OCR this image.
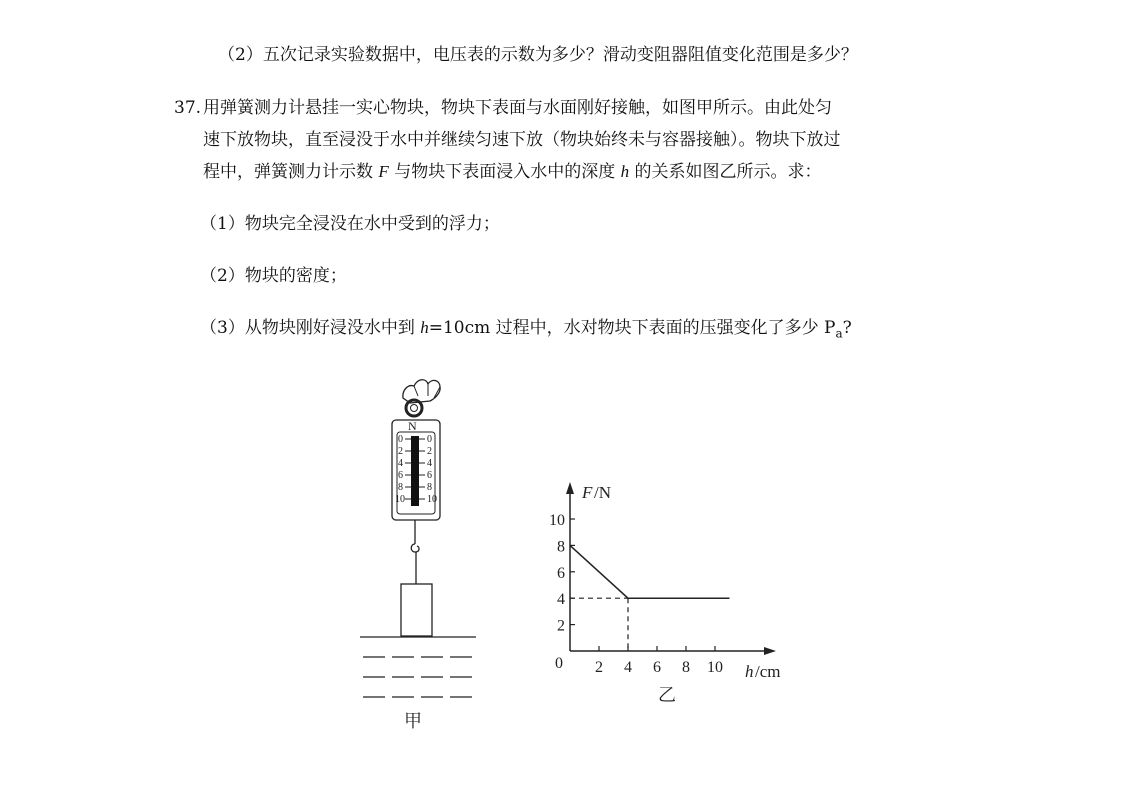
（2）五次记录实验数据中，电压表的示数为多少？滑动变阻器阻值变化范围是多少？
37. 用弹簧测力计悬挂一实心物块，物块下表面与水面刚好接触，如图甲所示。由此处匀
速下放物块，直至浸没于水中并继续匀速下放（物块始终未与容器接触）。物块下放过
程中，弹簧测力计示数 F 与物块下表面浸入水中的深度 h 的关系如图乙所示。求：
（1）物块完全浸没在水中受到的浮力；
（2）物块的密度；
（3）从物块刚好浸没水中到 h=10cm 过程中，水对物块下表面的压强变化了多少 $P_a$?
N
0
2
4
6
8
10
0
2
4
6
8
10
甲
F /N
h /cm
0 2 4 6 8 10
2
4
6
8
10
乙
